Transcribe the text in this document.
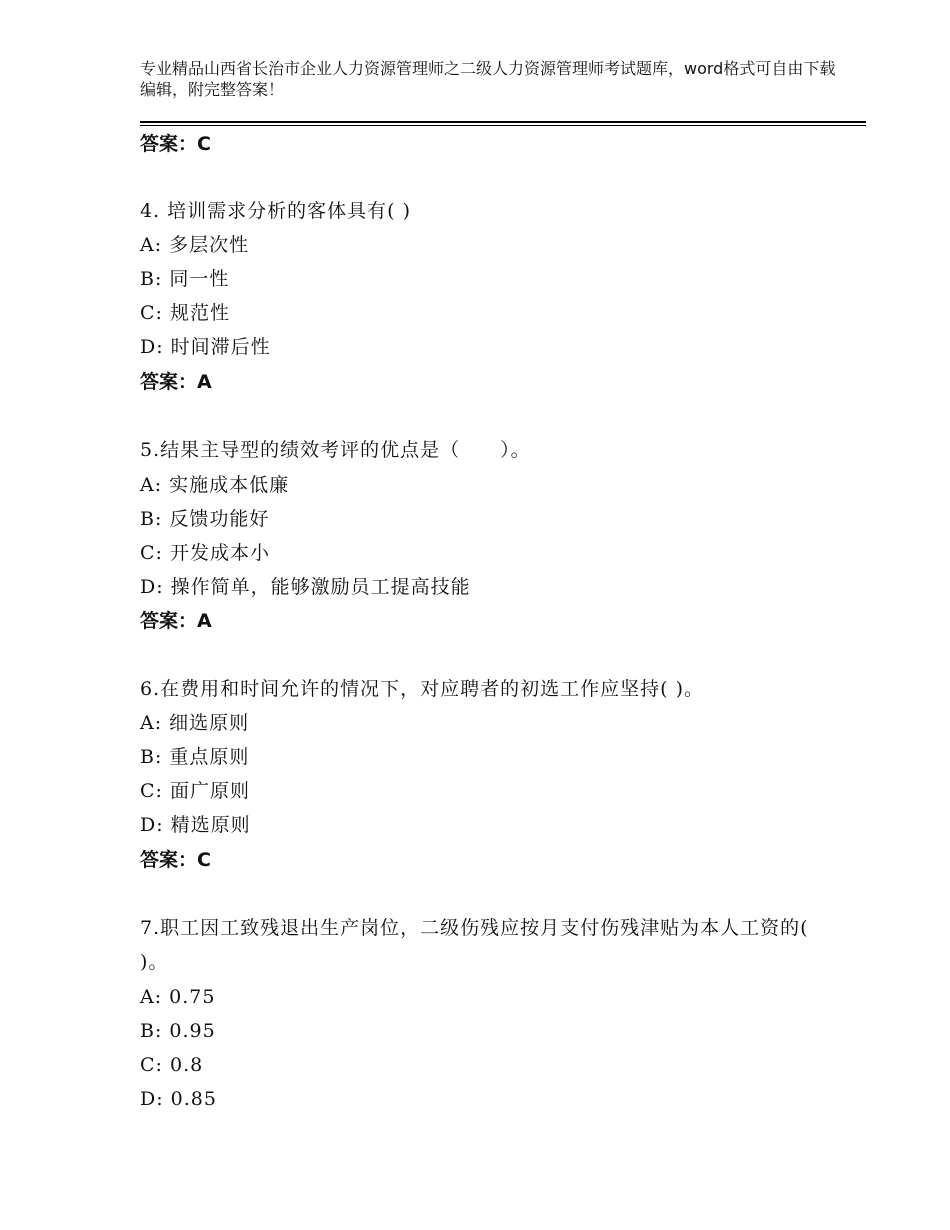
专业精品山西省长治市企业人力资源管理师之二级人力资源管理师考试题库，word格式可自由下载编辑，附完整答案！
答案：C
4. 培训需求分析的客体具有( )
A: 多层次性
B: 同一性
C: 规范性
D: 时间滞后性
答案：A
5.结果主导型的绩效考评的优点是（　　）。
A: 实施成本低廉
B: 反馈功能好
C: 开发成本小
D: 操作简单，能够激励员工提高技能
答案：A
6.在费用和时间允许的情况下，对应聘者的初选工作应坚持( )。
A: 细选原则
B: 重点原则
C: 面广原则
D: 精选原则
答案：C
7.职工因工致残退出生产岗位，二级伤残应按月支付伤残津贴为本人工资的( )。
A: 0.75
B: 0.95
C: 0.8
D: 0.85
